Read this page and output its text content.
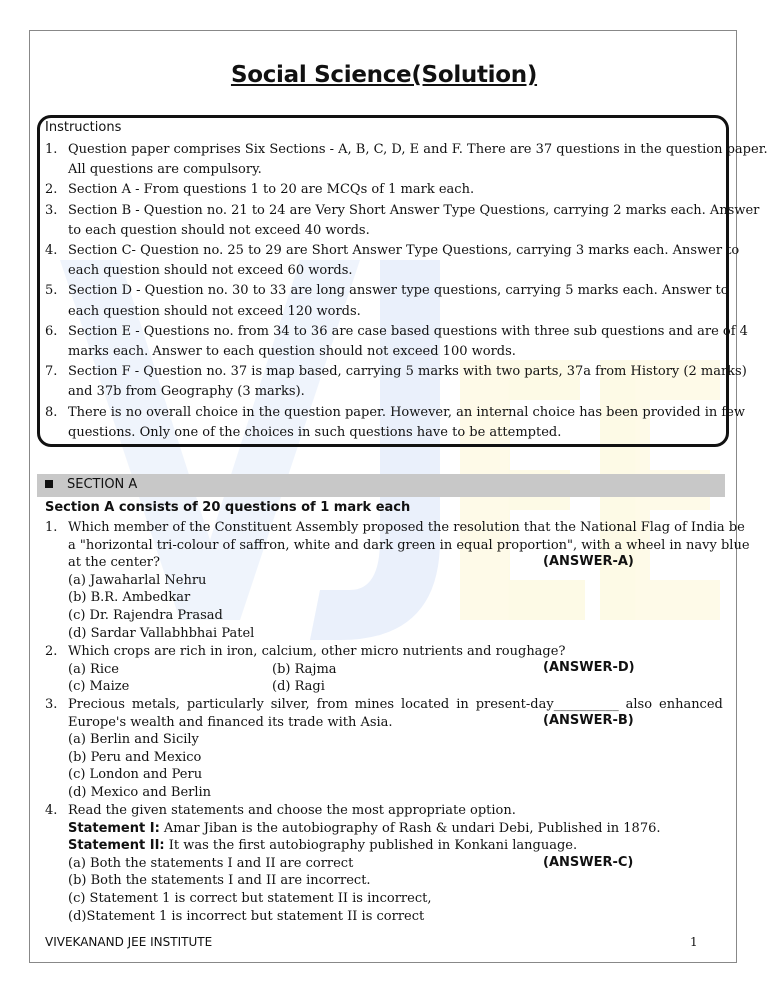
Social Science(Solution)
Instructions
1. Question paper comprises Six Sections - A, B, C, D, E and F. There are 37 questions in the question paper.
All questions are compulsory.
2. Section A - From questions 1 to 20 are MCQs of 1 mark each.
3. Section B - Question no. 21 to 24 are Very Short Answer Type Questions, carrying 2 marks each. Answer
to each question should not exceed 40 words.
4. Section C- Question no. 25 to 29 are Short Answer Type Questions, carrying 3 marks each. Answer to
each question should not exceed 60 words.
5. Section D - Question no. 30 to 33 are long answer type questions, carrying 5 marks each. Answer to
each question should not exceed 120 words.
6. Section E - Questions no. from 34 to 36 are case based questions with three sub questions and are of 4
marks each. Answer to each question should not exceed 100 words.
7. Section F - Question no. 37 is map based, carrying 5 marks with two parts, 37a from History (2 marks)
and 37b from Geography (3 marks).
8. There is no overall choice in the question paper. However, an internal choice has been provided in few
questions. Only one of the choices in such questions have to be attempted.
SECTION A
Section A consists of 20 questions of 1 mark each
1. Which member of the Constituent Assembly proposed the resolution that the National Flag of India be
a "horizontal tri-colour of saffron, white and dark green in equal proportion", with a wheel in navy blue
at the center?
(a) Jawaharlal Nehru
(b) B.R. Ambedkar
(c) Dr. Rajendra Prasad
(d) Sardar Vallabhbhai Patel
(ANSWER-A)
2. Which crops are rich in iron, calcium, other micro nutrients and roughage?
(a) Rice	(b) Rajma
(c) Maize	(d) Ragi
(ANSWER-D)
3. Precious metals, particularly silver, from mines located in present-day__________ also enhanced
Europe's wealth and financed its trade with Asia.
(a) Berlin and Sicily
(b) Peru and Mexico
(c) London and Peru
(d) Mexico and Berlin
(ANSWER-B)
4. Read the given statements and choose the most appropriate option.
Statement I: Amar Jiban is the autobiography of Rash & undari Debi, Published in 1876.
Statement II: It was the first autobiography published in Konkani language.
(a) Both the statements I and II are correct
(b) Both the statements I and II are incorrect.
(c) Statement 1 is correct but statement II is incorrect,
(d)Statement 1 is incorrect but statement II is correct
(ANSWER-C)
VIVEKANAND JEE INSTITUTE	1
